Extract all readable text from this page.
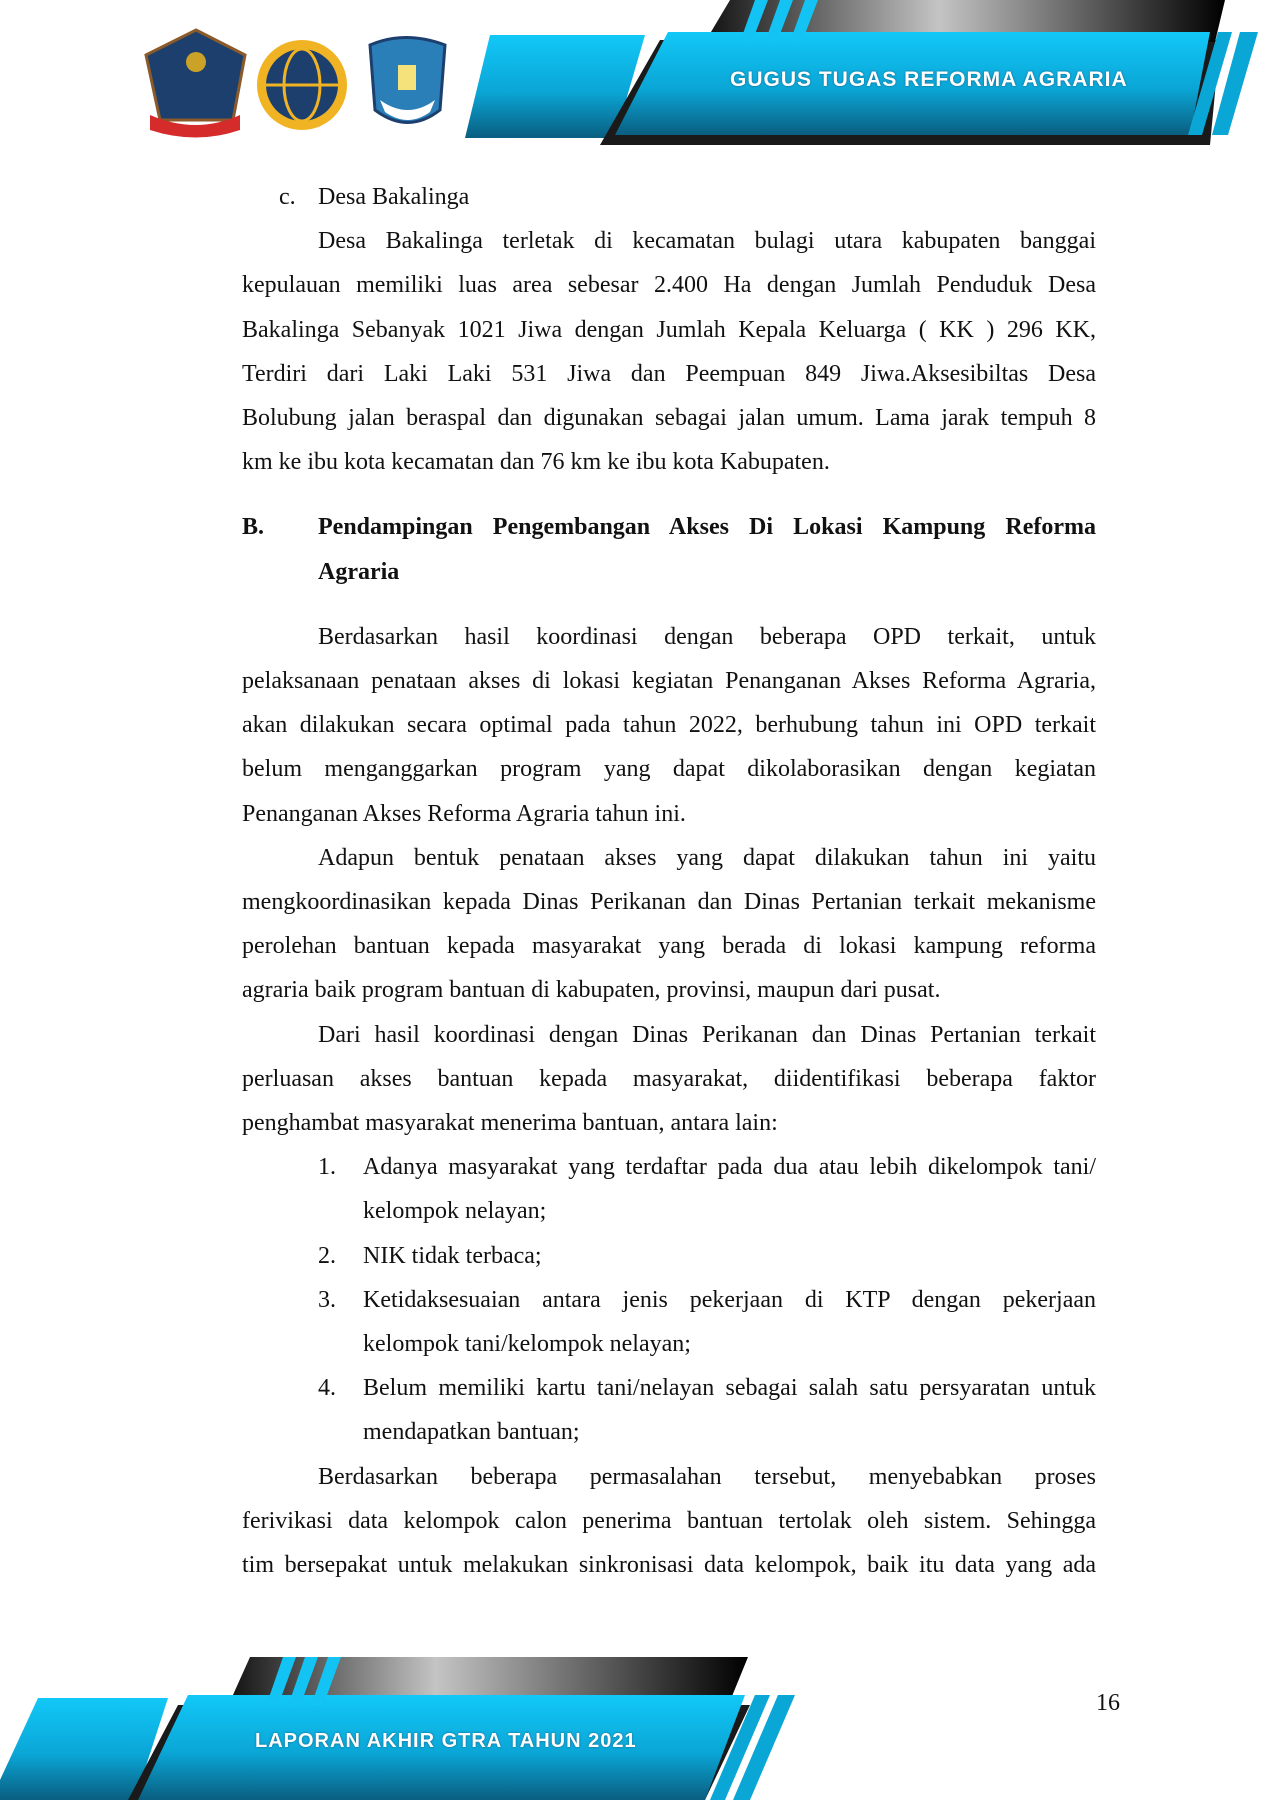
GUGUS TUGAS REFORMA AGRARIA
c. Desa Bakalinga
Desa Bakalinga terletak di kecamatan bulagi utara kabupaten banggai
kepulauan memiliki luas area sebesar 2.400 Ha dengan Jumlah Penduduk Desa
Bakalinga Sebanyak 1021 Jiwa dengan Jumlah Kepala Keluarga ( KK ) 296 KK,
Terdiri dari Laki Laki 531 Jiwa dan Peempuan 849 Jiwa.Aksesibiltas Desa
Bolubung jalan beraspal dan digunakan sebagai jalan umum. Lama jarak tempuh 8
km ke ibu kota kecamatan dan 76 km ke ibu kota Kabupaten.
B.	Pendampingan Pengembangan Akses Di Lokasi Kampung Reforma
Agraria
Berdasarkan hasil koordinasi dengan beberapa OPD terkait, untuk
pelaksanaan penataan akses di lokasi kegiatan Penanganan Akses Reforma Agraria,
akan dilakukan secara optimal pada tahun 2022, berhubung tahun ini OPD terkait
belum menganggarkan program yang dapat dikolaborasikan dengan kegiatan
Penanganan Akses Reforma Agraria tahun ini.
Adapun bentuk penataan akses yang dapat dilakukan tahun ini yaitu
mengkoordinasikan kepada Dinas Perikanan dan Dinas Pertanian terkait mekanisme
perolehan bantuan kepada masyarakat yang berada di lokasi kampung reforma
agraria baik program bantuan di kabupaten, provinsi, maupun dari pusat.
Dari hasil koordinasi dengan Dinas Perikanan dan Dinas Pertanian terkait
perluasan akses bantuan kepada masyarakat, diidentifikasi beberapa faktor
penghambat masyarakat menerima bantuan, antara lain:
1.	Adanya masyarakat yang terdaftar pada dua atau lebih dikelompok tani/
kelompok nelayan;
2.	NIK tidak terbaca;
3.	Ketidaksesuaian antara jenis pekerjaan di KTP dengan pekerjaan
kelompok tani/kelompok nelayan;
4.	Belum memiliki kartu tani/nelayan sebagai salah satu persyaratan untuk
mendapatkan bantuan;
Berdasarkan beberapa permasalahan tersebut, menyebabkan proses
ferivikasi data kelompok calon penerima bantuan tertolak oleh sistem. Sehingga
tim bersepakat untuk melakukan sinkronisasi data kelompok, baik itu data yang ada
LAPORAN AKHIR GTRA TAHUN 2021
16
